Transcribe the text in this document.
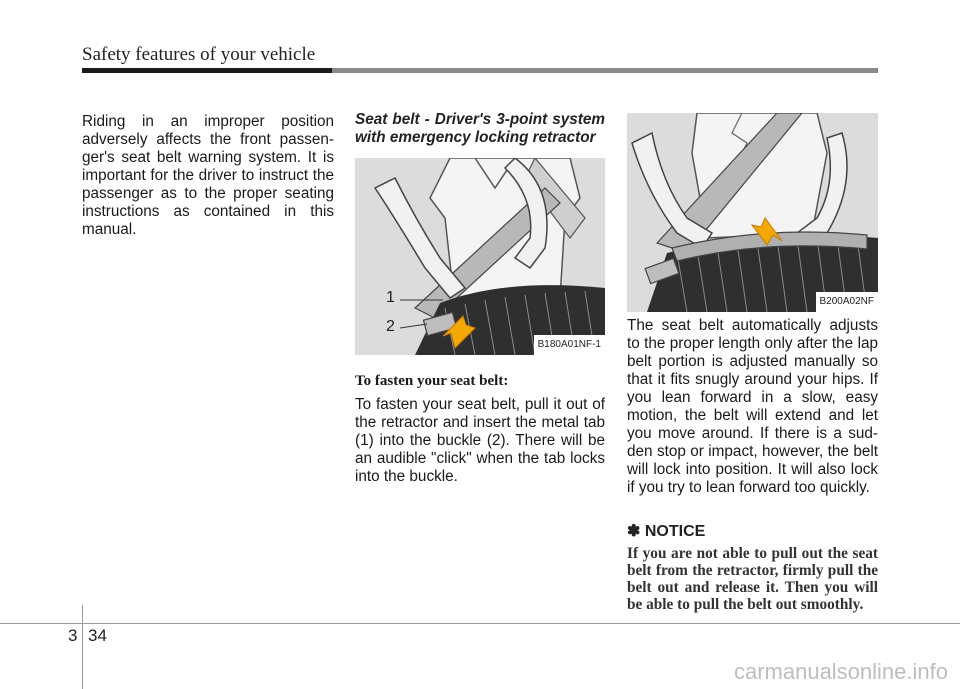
Safety features of your vehicle

Riding in an improper position adversely affects the front passen-ger's seat belt warning system. It is important for the driver to instruct the passenger as to the proper seating instructions as contained in this manual.

Seat belt - Driver's 3-point system with emergency locking retractor

1
2
B180A01NF-1

To fasten your seat belt:

To fasten your seat belt, pull it out of the retractor and insert the metal tab (1) into the buckle (2). There will be an audible "click" when the tab locks into the buckle.

B200A02NF

The seat belt automatically adjusts to the proper length only after the lap belt portion is adjusted manually so that it fits snugly around your hips. If you lean forward in a slow, easy motion, the belt will extend and let you move around. If there is a sud-den stop or impact, however, the belt will lock into position. It will also lock if you try to lean forward too quickly.

✽ NOTICE

If you are not able to pull out the seat belt from the retractor, firmly pull the belt out and release it. Then you will be able to pull the belt out smoothly.

3 34
carmanualsonline.info
